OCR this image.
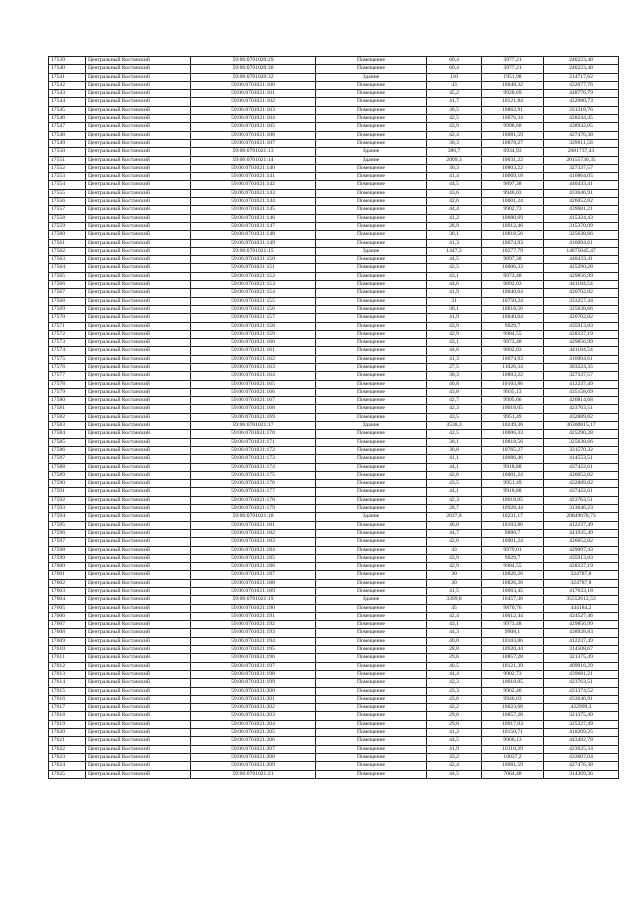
17539	Центральный Костанский	59:06:0701020:29	Помещение	60,4	3977,21	240223,48
17540	Центральный Костанский	59:06:0701020:30	Помещение	60,4	3977,21	240223,48
17541	Центральный Костанский	59:06:0701020:32	Здание	110	1951,98	214717,62
17542	Центральный Костанский	59:06:0701021:100	Помещение	43	10048,32	432077,76
17543	Центральный Костанский	59:06:0701021:101	Помещение	45,2	9928,69	448776,79
17544	Центральный Костанский	59:06:0701021:102	Помещение	41,7	10121,84	422080,73
17545	Центральный Костанский	59:06:0701021:103	Помещение	30,5	10862,91	331318,76
17546	Центральный Костанский	59:06:0701021:104	Помещение	42,5	10076,34	428244,45
17547	Центральный Костанский	59:06:0701021:105	Помещение	43,9	9998,68	438942,05
17548	Центральный Костанский	59:06:0701021:106	Помещение	42,4	10081,59	427476,38
17549	Центральный Костанский	59:06:0701021:107	Помещение	30,3	10878,27	329611,58
17550	Центральный Костанский	59:06:0701021:13	Здание	386,7	6934,93	2681737,43
17551	Центральный Костанский	59:06:0701021:14	Здание	2009,3	10031,22	20155730,35
17552	Центральный Костанский	59:06:0701021:140	Помещение	30,3	10803,22	327337,57
17553	Центральный Костанский	59:06:0701021:141	Помещение	41,4	10069,18	416864,05
17554	Центральный Костанский	59:06:0701021:142	Помещение	44,5	9897,38	440433,41
17555	Центральный Костанский	59:06:0701021:143	Помещение	43,6	9946,03	433646,91
17556	Центральный Костанский	59:06:0701021:144	Помещение	42,6	10001,24	426052,82
17557	Центральный Костанский	59:06:0701021:145	Помещение	44,4	9902,73	439681,21
17558	Центральный Костанский	59:06:0701021:146	Помещение	41,2	10080,69	415324,43
17559	Центральный Костанский	59:06:0701021:147	Помещение	28,9	10912,46	315370,09
17560	Центральный Костанский	59:06:0701021:148	Помещение	30,1	10818,56	325638,66
17561	Центральный Костанский	59:06:0701021:149	Помещение	41,3	10074,93	416094,61
17562	Центральный Костанский	59:06:0701021:15	Здание	1447,3	10277,79	14875045,47
17563	Центральный Костанский	59:06:0701021:150	Помещение	44,5	9897,38	440433,41
17564	Центральный Костанский	59:06:0701021:151	Помещение	42,5	10006,33	425290,28
17565	Центральный Костанский	59:06:0701021:152	Помещение	43,1	9973,48	429856,99
17566	Центральный Костанский	59:06:0701021:153	Помещение	44,6	9892,03	441184,54
17567	Центральный Костанский	59:06:0701021:154	Помещение	41,9	10040,64	420702,82
17568	Центральный Костанский	59:06:0701021:155	Помещение	31	10750,24	333257,44
17569	Центральный Костанский	59:06:0701021:156	Помещение	30,1	10818,56	325638,66
17570	Центральный Костанский	59:06:0701021:157	Помещение	41,9	10040,64	420702,82
17571	Центральный Костанский	59:06:0701021:158	Помещение	43,9	9929,7	435913,83
17572	Центральный Костанский	59:06:0701021:159	Помещение	42,9	9984,55	428337,19
17573	Центральный Костанский	59:06:0701021:160	Помещение	43,1	9973,48	429856,99
17574	Центральный Костанский	59:06:0701021:161	Помещение	44,6	9892,03	441184,54
17575	Центральный Костанский	59:06:0701021:162	Помещение	41,3	10074,93	416094,61
17576	Центральный Костанский	59:06:0701021:163	Помещение	27,5	11026,34	303224,35
17577	Центральный Костанский	59:06:0701021:164	Помещение	30,3	10803,22	327337,57
17578	Центральный Костанский	59:06:0701021:165	Помещение	40,8	10103,86	412237,49
17579	Центральный Костанский	59:06:0701021:166	Помещение	43,8	9935,13	435158,69
17580	Центральный Костанский	59:06:0701021:167	Помещение	42,7	9995,66	426814,68
17581	Центральный Костанский	59:06:0701021:168	Помещение	42,3	10018,05	423763,51
17582	Центральный Костанский	59:06:0701021:169	Помещение	43,5	9951,49	432889,82
17583	Центральный Костанский	59:06:0701021:17	Здание	3538,3	10249,36	36300815,17
17584	Центральный Костанский	59:06:0701021:170	Помещение	42,5	10006,33	425290,28
17585	Центральный Костанский	59:06:0701021:171	Помещение	30,1	10818,56	325638,66
17586	Центральный Костанский	59:06:0701021:172	Помещение	30,8	10765,27	331570,32
17587	Центральный Костанский	59:06:0701021:173	Помещение	41,1	10086,46	414553,51
17588	Центральный Костанский	59:06:0701021:174	Помещение	44,1	9918,88	437422,61
17589	Центральный Костанский	59:06:0701021:175	Помещение	42,6	10001,24	426052,82
17590	Центральный Костанский	59:06:0701021:176	Помещение	43,5	9951,49	432889,82
17591	Центральный Костанский	59:06:0701021:177	Помещение	44,1	9918,88	437422,61
17592	Центральный Костанский	59:06:0701021:178	Помещение	42,3	10018,05	423763,51
17593	Центральный Костанский	59:06:0701021:179	Помещение	28,7	10928,44	313646,23
17594	Центральный Костанский	59:06:0701021:18	Здание	2037,8	10231,17	20849078,73
17595	Центральный Костанский	59:06:0701021:181	Помещение	40,8	10103,86	412237,49
17596	Центральный Костанский	59:06:0701021:182	Помещение	44,7	9886,7	441935,49
17597	Центральный Костанский	59:06:0701021:183	Помещение	42,6	10001,24	426052,82
17598	Центральный Костанский	59:06:0701021:184	Помещение	43	9979,01	429097,43
17599	Центральный Костанский	59:06:0701021:185	Помещение	43,9	9929,7	435913,83
17600	Центральный Костанский	59:06:0701021:186	Помещение	42,9	9984,55	428337,19
17601	Центральный Костанский	59:06:0701021:187	Помещение	30	10826,26	324787,8
17602	Центральный Костанский	59:06:0701021:188	Помещение	30	10826,26	324787,8
17603	Центральный Костанский	59:06:0701021:189	Помещение	41,5	10063,45	417633,18
17604	Центральный Костанский	59:06:0701021:19	Здание	3399,8	10457,36	35552612,53
17605	Центральный Костанский	59:06:0701021:190	Помещение	45	9870,76	444184,2
17606	Центральный Костанский	59:06:0701021:191	Помещение	42,4	10012,44	424527,46
17607	Центральный Костанский	59:06:0701021:192	Помещение	43,1	9973,48	429856,99
17608	Центральный Костанский	59:06:0701021:193	Помещение	44,3	9908,1	438928,83
17609	Центральный Костанский	59:06:0701021:194	Помещение	40,8	10103,86	412237,49
17610	Центральный Костанский	59:06:0701021:195	Помещение	28,8	10920,44	314508,67
17611	Центральный Костанский	59:06:0701021:196	Помещение	29,6	10857,28	321375,49
17612	Центральный Костанский	59:06:0701021:197	Помещение	40,5	10121,39	409916,29
17613	Центральный Костанский	59:06:0701021:198	Помещение	44,4	9902,73	439681,21
17614	Центральный Костанский	59:06:0701021:199	Помещение	42,3	10018,05	423763,51
17615	Центральный Костанский	59:06:0701021:200	Помещение	43,3	9962,46	431374,52
17616	Центральный Костанский	59:06:0701021:201	Помещение	43,6	9946,03	433646,91
17617	Центральный Костанский	59:06:0701021:202	Помещение	42,2	10023,68	422999,3
17618	Центральный Костанский	59:06:0701021:203	Помещение	29,6	10857,28	321375,49
17619	Центральный Костанский	59:06:0701021:204	Помещение	29,8	10917,03	325327,49
17620	Центральный Костанский	59:06:0701021:205	Помещение	41,2	10150,71	418209,25
17621	Центральный Костанский	59:06:0701021:206	Помещение	44,5	9966,13	443492,78
17622	Центральный Костанский	59:06:0701021:207	Помещение	41,9	10110,39	423625,34
17623	Центральный Костанский	59:06:0701021:208	Помещение	43,2	10037,2	433607,04
17624	Центральный Костанский	59:06:0701021:209	Помещение	42,4	10081,59	427476,38
17625	Центральный Костанский	59:06:0701021:21	Помещение	44,5	7064,48	314369,36
